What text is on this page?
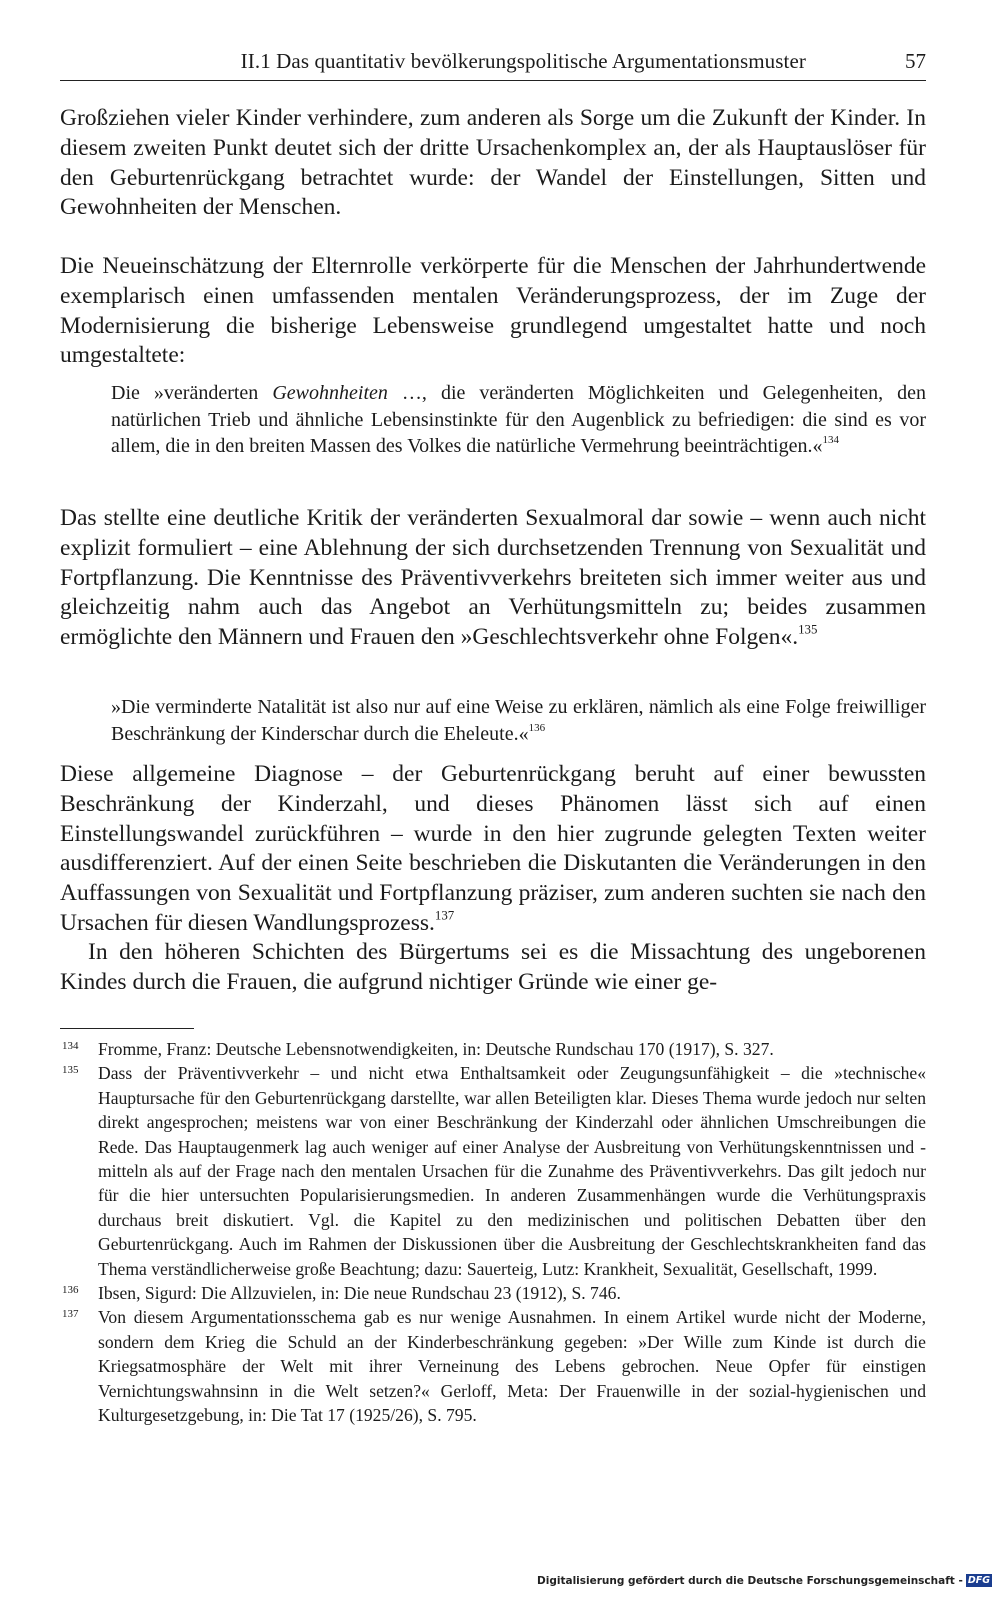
II.1 Das quantitativ bevölkerungspolitische Argumentationsmuster	57

Großziehen vieler Kinder verhindere, zum anderen als Sorge um die Zukunft der Kinder. In diesem zweiten Punkt deutet sich der dritte Ursachenkomplex an, der als Hauptauslöser für den Geburtenrückgang betrachtet wurde: der Wandel der Einstellungen, Sitten und Gewohnheiten der Menschen.

Die Neueinschätzung der Elternrolle verkörperte für die Menschen der Jahrhundertwende exemplarisch einen umfassenden mentalen Veränderungsprozess, der im Zuge der Modernisierung die bisherige Lebensweise grundlegend umgestaltet hatte und noch umgestaltete:

Die »veränderten Gewohnheiten …, die veränderten Möglichkeiten und Gelegenheiten, den natürlichen Trieb und ähnliche Lebensinstinkte für den Augenblick zu befriedigen: die sind es vor allem, die in den breiten Massen des Volkes die natürliche Vermehrung beeinträchtigen.«$^{134}$

Das stellte eine deutliche Kritik der veränderten Sexualmoral dar sowie – wenn auch nicht explizit formuliert – eine Ablehnung der sich durchsetzenden Trennung von Sexualität und Fortpflanzung. Die Kenntnisse des Präventivverkehrs breiteten sich immer weiter aus und gleichzeitig nahm auch das Angebot an Verhütungsmitteln zu; beides zusammen ermöglichte den Männern und Frauen den »Geschlechtsverkehr ohne Folgen«.$^{135}$

»Die verminderte Natalität ist also nur auf eine Weise zu erklären, nämlich als eine Folge freiwilliger Beschränkung der Kinderschar durch die Eheleute.«$^{136}$

Diese allgemeine Diagnose – der Geburtenrückgang beruht auf einer bewussten Beschränkung der Kinderzahl, und dieses Phänomen lässt sich auf einen Einstellungswandel zurückführen – wurde in den hier zugrunde gelegten Texten weiter ausdifferenziert. Auf der einen Seite beschrieben die Diskutanten die Veränderungen in den Auffassungen von Sexualität und Fortpflanzung präziser, zum anderen suchten sie nach den Ursachen für diesen Wandlungsprozess.$^{137}$

In den höheren Schichten des Bürgertums sei es die Missachtung des ungeborenen Kindes durch die Frauen, die aufgrund nichtiger Gründe wie einer ge-

134 Fromme, Franz: Deutsche Lebensnotwendigkeiten, in: Deutsche Rundschau 170 (1917), S. 327.
135 Dass der Präventivverkehr – und nicht etwa Enthaltsamkeit oder Zeugungsunfähigkeit – die »technische« Hauptursache für den Geburtenrückgang darstellte, war allen Beteiligten klar. Dieses Thema wurde jedoch nur selten direkt angesprochen; meistens war von einer Beschränkung der Kinderzahl oder ähnlichen Umschreibungen die Rede. Das Hauptaugenmerk lag auch weniger auf einer Analyse der Ausbreitung von Verhütungskenntnissen und -mitteln als auf der Frage nach den mentalen Ursachen für die Zunahme des Präventivverkehrs. Das gilt jedoch nur für die hier untersuchten Popularisierungsmedien. In anderen Zusammenhängen wurde die Verhütungspraxis durchaus breit diskutiert. Vgl. die Kapitel zu den medizinischen und politischen Debatten über den Geburtenrückgang. Auch im Rahmen der Diskussionen über die Ausbreitung der Geschlechtskrankheiten fand das Thema verständlicherweise große Beachtung; dazu: Sauerteig, Lutz: Krankheit, Sexualität, Gesellschaft, 1999.
136 Ibsen, Sigurd: Die Allzuvielen, in: Die neue Rundschau 23 (1912), S. 746.
137 Von diesem Argumentationsschema gab es nur wenige Ausnahmen. In einem Artikel wurde nicht der Moderne, sondern dem Krieg die Schuld an der Kinderbeschränkung gegeben: »Der Wille zum Kinde ist durch die Kriegsatmosphäre der Welt mit ihrer Verneinung des Lebens gebrochen. Neue Opfer für einstigen Vernichtungswahnsinn in die Welt setzen?« Gerloff, Meta: Der Frauenwille in der sozial-hygienischen und Kulturgesetzgebung, in: Die Tat 17 (1925/26), S. 795.
Digitalisierung gefördert durch die Deutsche Forschungsgemeinschaft - DFG
